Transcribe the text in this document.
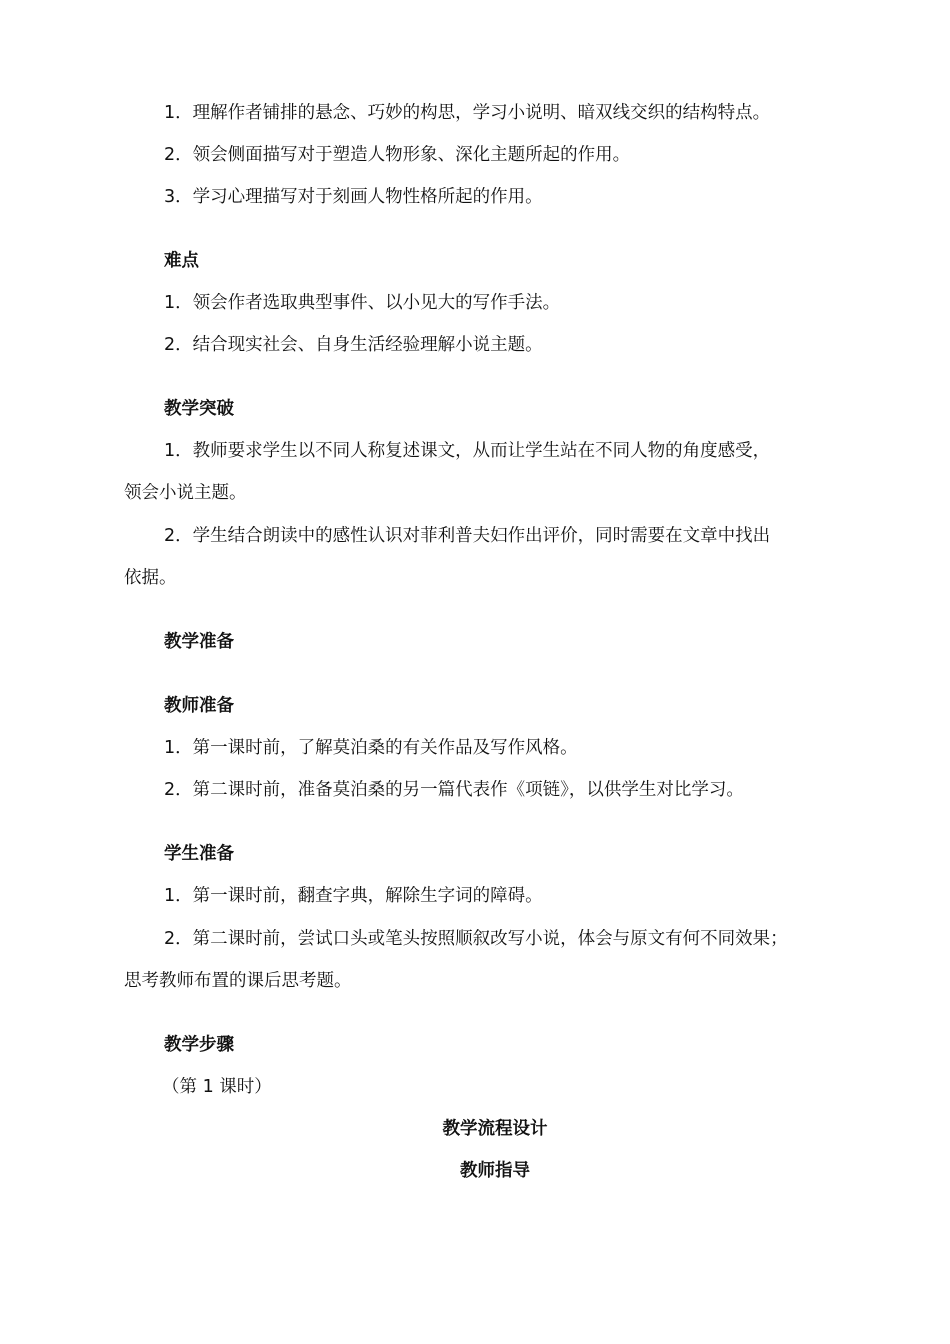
1．理解作者铺排的悬念、巧妙的构思，学习小说明、暗双线交织的结构特点。
2．领会侧面描写对于塑造人物形象、深化主题所起的作用。
3．学习心理描写对于刻画人物性格所起的作用。
难点
1．领会作者选取典型事件、以小见大的写作手法。
2．结合现实社会、自身生活经验理解小说主题。
教学突破
1．教师要求学生以不同人称复述课文，从而让学生站在不同人物的角度感受，
领会小说主题。
2．学生结合朗读中的感性认识对菲利普夫妇作出评价，同时需要在文章中找出
依据。
教学准备
教师准备
1．第一课时前，了解莫泊桑的有关作品及写作风格。
2．第二课时前，准备莫泊桑的另一篇代表作《项链》，以供学生对比学习。
学生准备
1．第一课时前，翻查字典，解除生字词的障碍。
2．第二课时前，尝试口头或笔头按照顺叙改写小说，体会与原文有何不同效果；
思考教师布置的课后思考题。
教学步骤
（第 1 课时）
教学流程设计
教师指导
